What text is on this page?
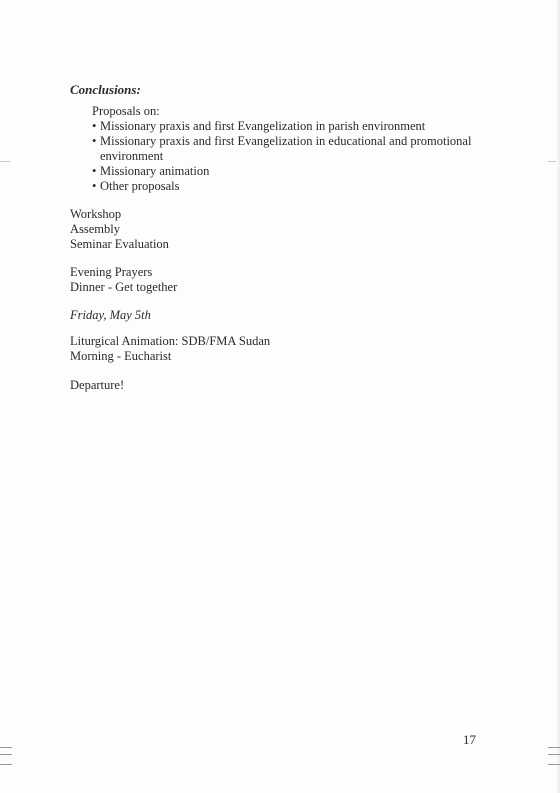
Conclusions:
Proposals on:
• Missionary praxis and first Evangelization in parish environment
• Missionary praxis and first Evangelization in educational and promotional environment
• Missionary animation
• Other proposals
Workshop
Assembly
Seminar Evaluation
Evening Prayers
Dinner - Get together
Friday, May 5th
Liturgical Animation: SDB/FMA Sudan
Morning - Eucharist
Departure!
17
